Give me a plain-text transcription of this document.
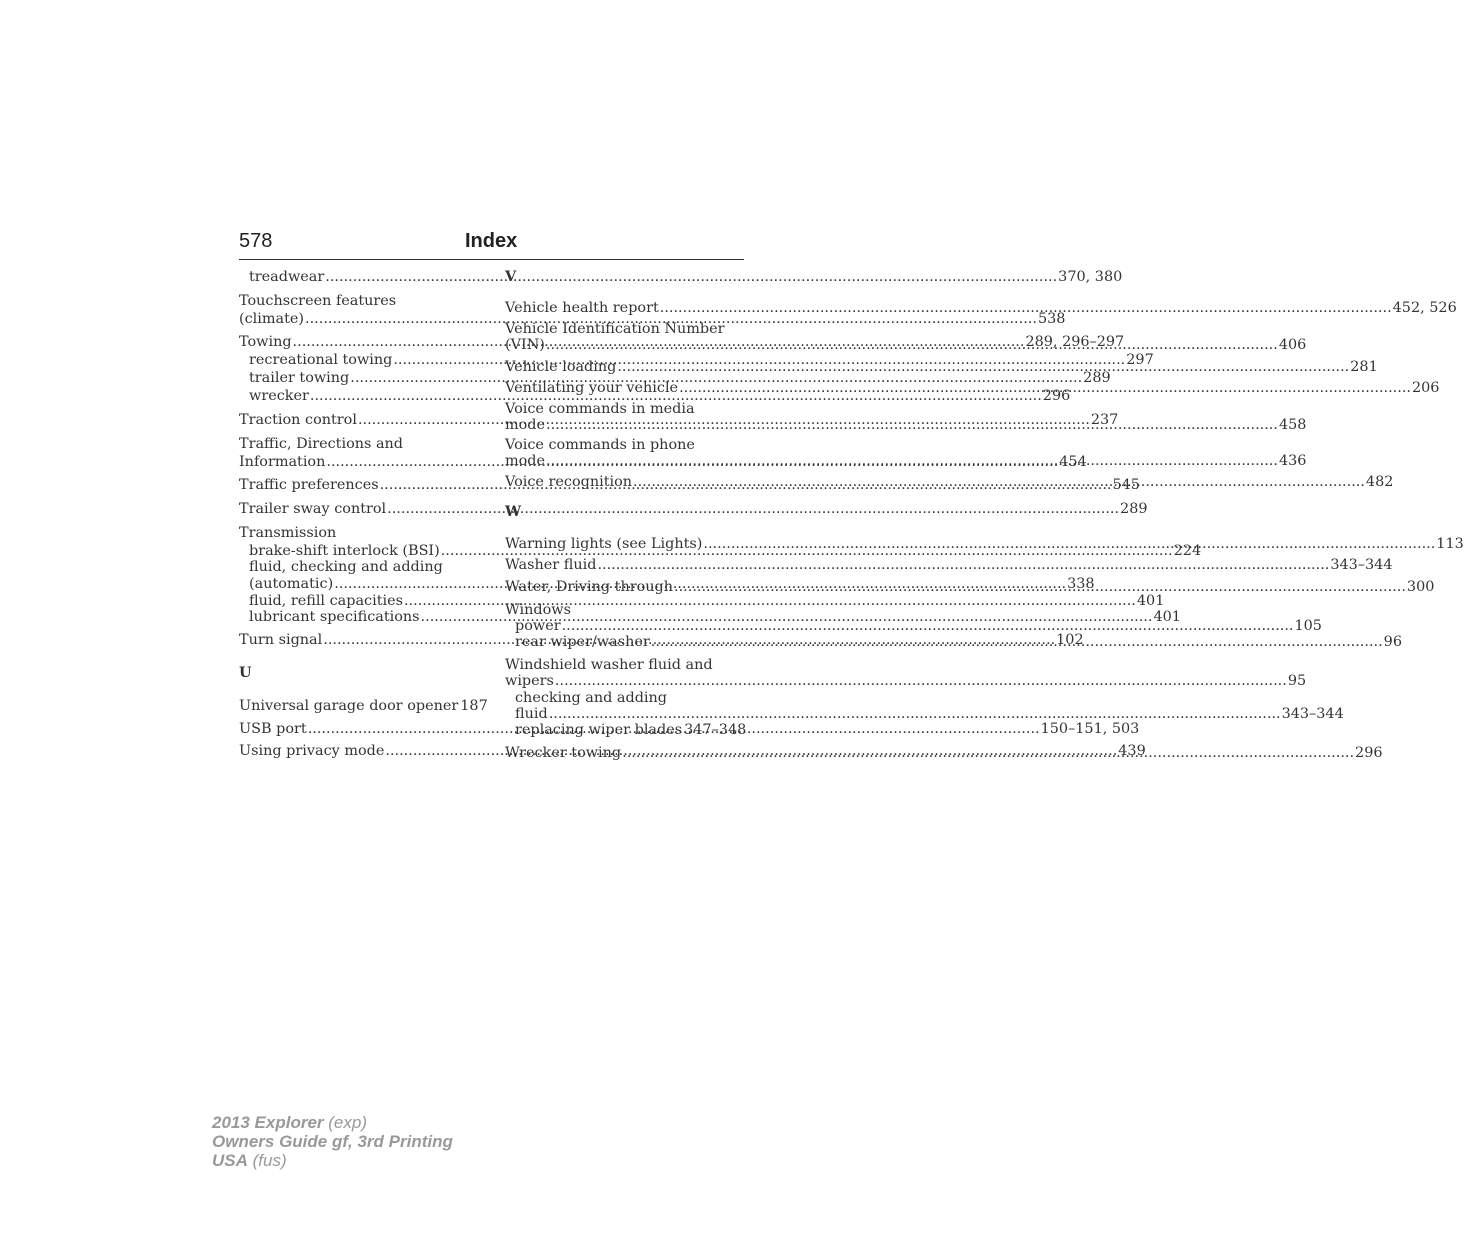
578	Index
treadwear .....	370, 380
Touchscreen features
(climate) .....	538
Towing .....	289, 296–297
recreational towing .....	297
trailer towing .....	289
wrecker .....	296
Traction control .....	237
Traffic, Directions and
Information .....	454
Traffic preferences .....	545
Trailer sway control .....	289
Transmission
brake-shift interlock (BSI) .....	224
fluid, checking and adding
(automatic) .....	338
fluid, refill capacities .....	401
lubricant specifications .....	401
Turn signal .....	102
U
Universal garage door opener 187
USB port .....	150–151, 503
Using privacy mode .....	439
V
Vehicle health report .....	452, 526
Vehicle Identification Number
(VIN) .....	406
Vehicle loading .....	281
Ventilating your vehicle .....	206
Voice commands in media
mode .....	458
Voice commands in phone
mode .....	436
Voice recognition .....	482
W
Warning lights (see Lights) .....	113
Washer fluid .....	343–344
Water, Driving through .....	300
Windows
power .....	105
rear wiper/washer .....	96
Windshield washer fluid and
wipers .....	95
checking and adding
fluid .....	343–344
replacing wiper blades 347–348
Wrecker towing .....	296
2013 Explorer (exp)
Owners Guide gf, 3rd Printing
USA (fus)
